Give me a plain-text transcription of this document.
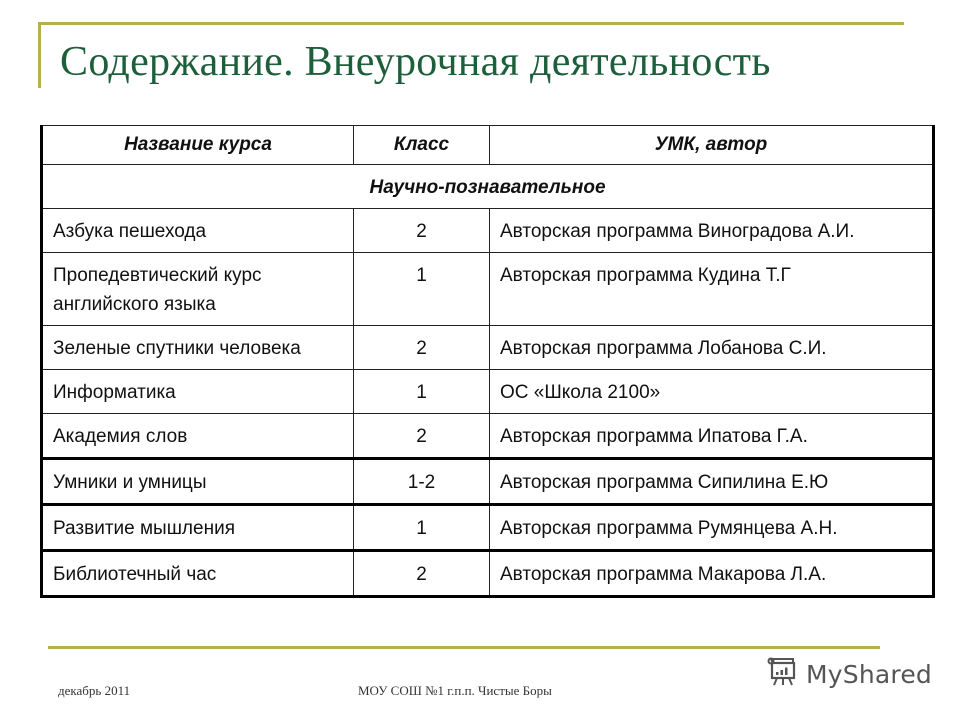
Содержание. Внеурочная деятельность
Название курса	Класс	УМК, автор
Научно-познавательное		
Азбука пешехода	2	Авторская программа Виноградова А.И.
Пропедевтический курс английского языка	1	Авторская программа Кудина Т.Г
Зеленые спутники человека	2	Авторская программа Лобанова С.И.
Информатика	1	ОС «Школа 2100»
Академия слов	2	Авторская программа Ипатова Г.А.
Умники и умницы	1-2	Авторская программа Сипилина Е.Ю
Развитие мышления	1	Авторская программа Румянцева А.Н.
Библиотечный час	2	Авторская программа Макарова Л.А.
декабрь 2011	МОУ СОШ №1 г.п.п. Чистые Боры
MyShared
